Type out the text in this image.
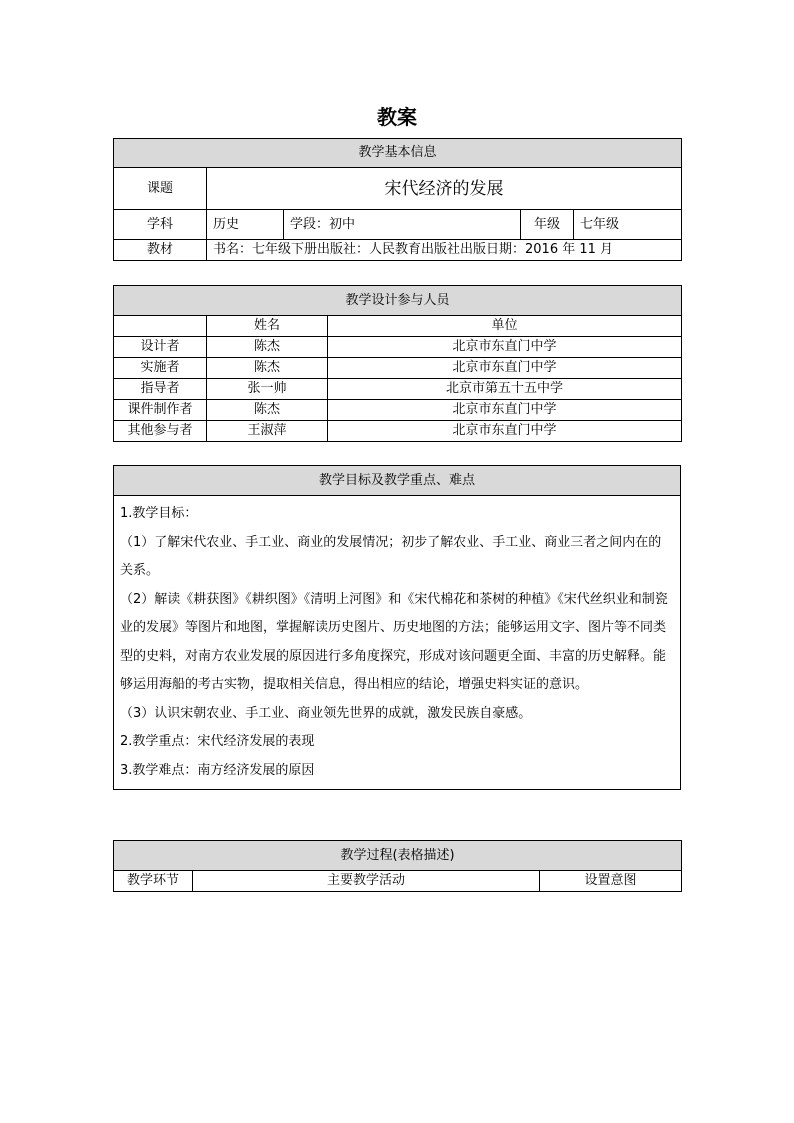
教案
教学基本信息				
课题	宋代经济的发展			
学科	历史	学段：初中	年级	七年级
教材	书名：七年级下册出版社：人民教育出版社出版日期：2016 年 11 月			
教学设计参与人员		
	姓名	单位
设计者	陈杰	北京市东直门中学
实施者	陈杰	北京市东直门中学
指导者	张一帅	北京市第五十五中学
课件制作者	陈杰	北京市东直门中学
其他参与者	王淑萍	北京市东直门中学
教学目标及教学重点、难点

1.教学目标：

（1）了解宋代农业、手工业、商业的发展情况；初步了解农业、手工业、商业三者之间内在的关系。

（2）解读《耕获图》《耕织图》《清明上河图》和《宋代棉花和茶树的种植》《宋代丝织业和制瓷业的发展》等图片和地图，掌握解读历史图片、历史地图的方法；能够运用文字、图片等不同类型的史料，对南方农业发展的原因进行多角度探究，形成对该问题更全面、丰富的历史解释。能够运用海船的考古实物，提取相关信息，得出相应的结论，增强史料实证的意识。

（3）认识宋朝农业、手工业、商业领先世界的成就，激发民族自豪感。

2.教学重点：宋代经济发展的表现

3.教学难点：南方经济发展的原因

教学过程(表格描述)
教学环节	主要教学活动	设置意图
